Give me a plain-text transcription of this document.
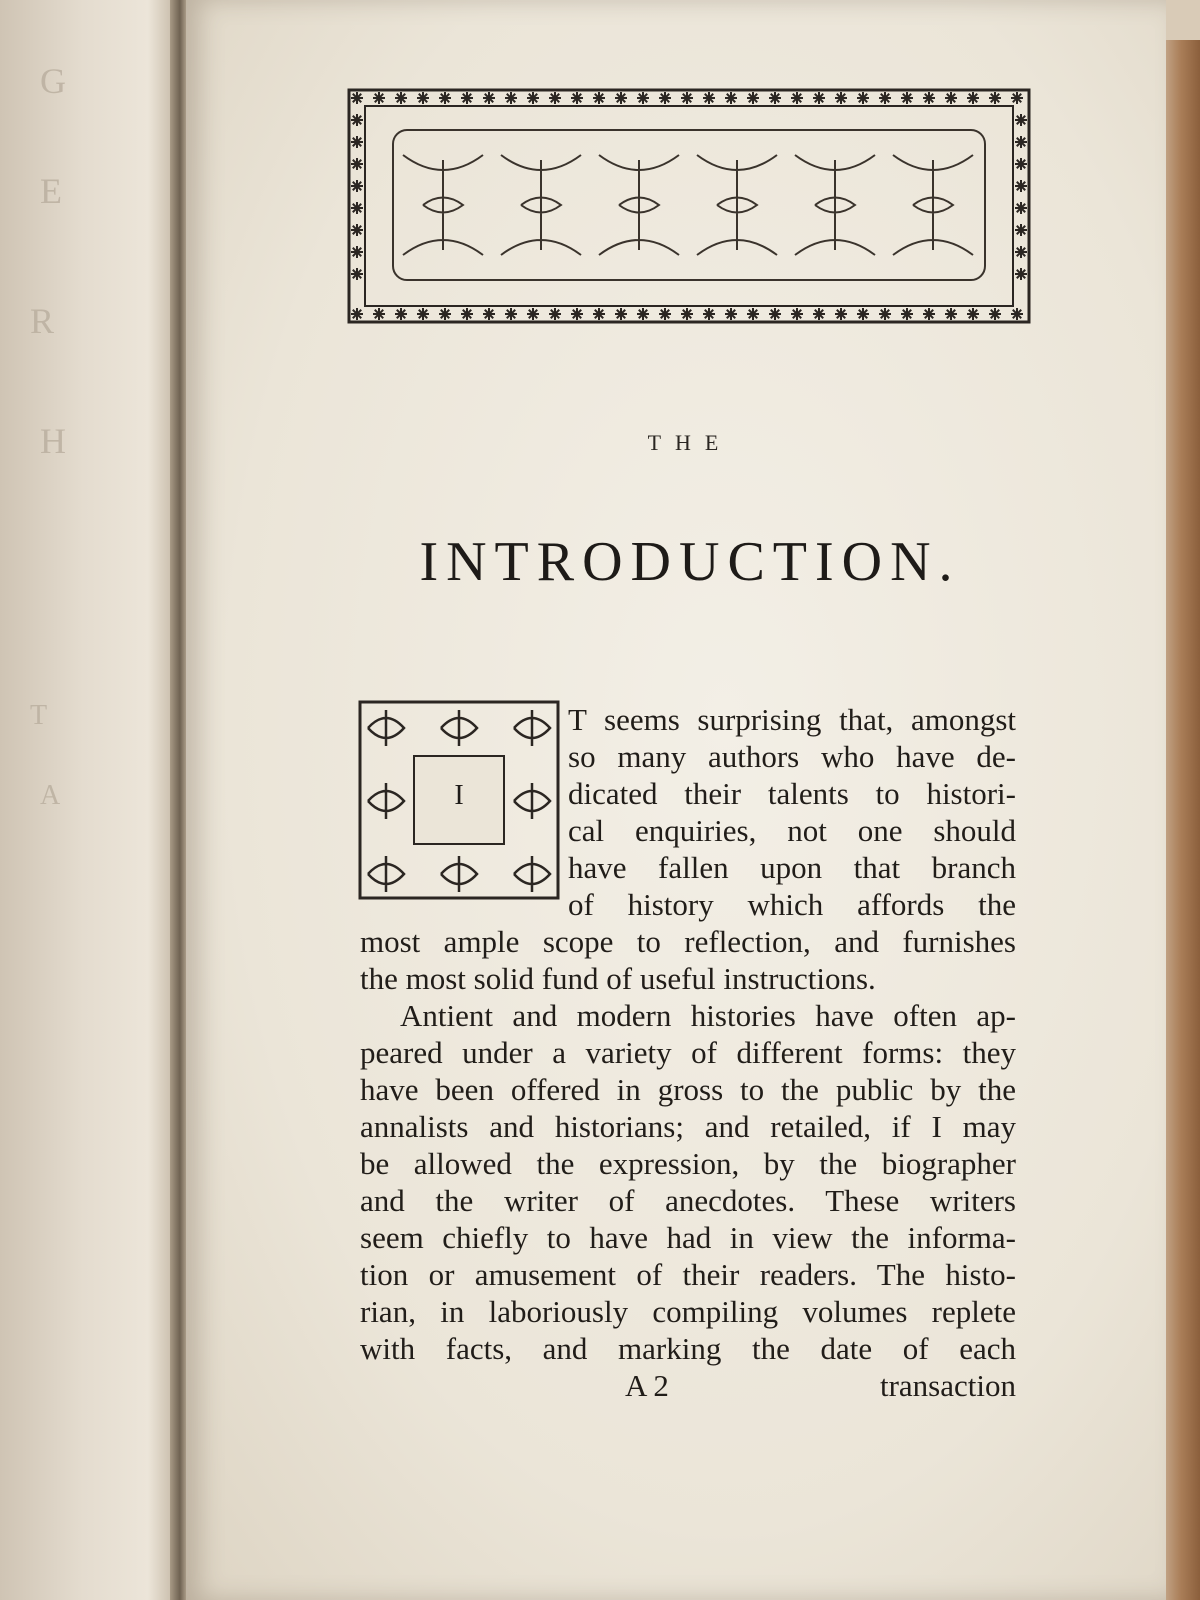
G
E
R
H
T
A
THE
INTRODUCTION.
I
T seems surprising that, amongst
so many authors who have de-
dicated their talents to histori-
cal enquiries, not one should
have fallen upon that branch
of history which affords the
most ample scope to reflection, and furnishes
the most solid fund of useful instructions.
Antient and modern histories have often ap-
peared under a variety of different forms: they
have been offered in gross to the public by the
annalists and historians; and retailed, if I may
be allowed the expression, by the biographer
and the writer of anecdotes. These writers
seem chiefly to have had in view the informa-
tion or amusement of their readers. The histo-
rian, in laboriously compiling volumes replete
with facts, and marking the date of each
A 2	transaction
